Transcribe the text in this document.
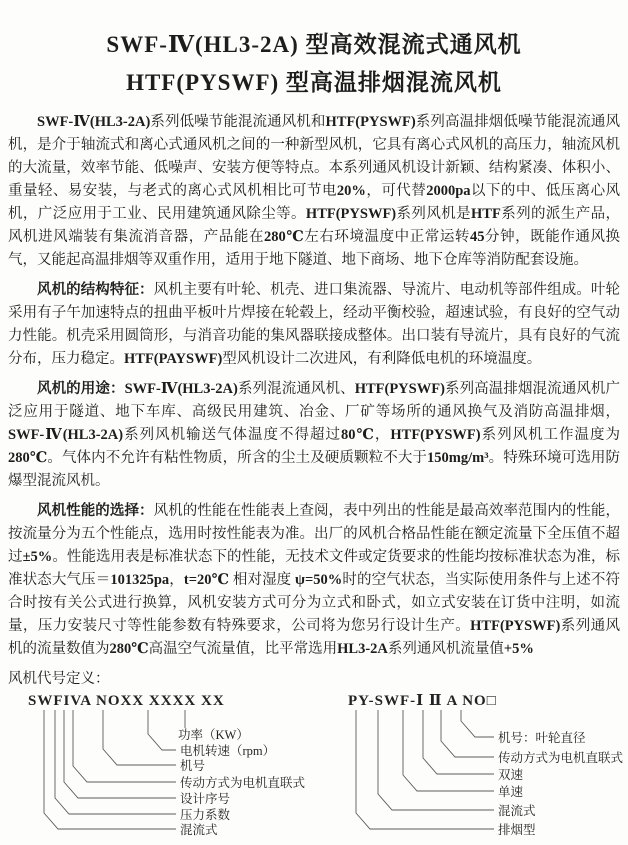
SWF-Ⅳ(HL3-2A) 型高效混流式通风机
HTF(PYSWF) 型高温排烟混流风机

SWF-Ⅳ(HL3-2A)系列低噪节能混流通风机和HTF(PYSWF)系列高温排烟低噪节能混流通风机，是介于轴流式和离心式通风机之间的一种新型风机，它具有离心式风机的高压力，轴流风机的大流量，效率节能、低噪声、安装方便等特点。本系列通风机设计新颖、结构紧凑、体积小、重量轻、易安装，与老式的离心式风机相比可节电20%，可代替2000pa以下的中、低压离心风机，广泛应用于工业、民用建筑通风除尘等。HTF(PYSWF)系列风机是HTF系列的派生产品，风机进风端装有集流消音器，产品能在280℃左右环境温度中正常运转45分钟，既能作通风换气，又能起高温排烟等双重作用，适用于地下隧道、地下商场、地下仓库等消防配套设施。

风机的结构特征：风机主要有叶轮、机壳、进口集流器、导流片、电动机等部件组成。叶轮采用有子午加速特点的扭曲平板叶片焊接在轮毂上，经动平衡校验，超速试验，有良好的空气动力性能。机壳采用圆筒形，与消音功能的集风器联接成整体。出口装有导流片，具有良好的气流分布，压力稳定。HTF(PAYSWF)型风机设计二次进风，有利降低电机的环境温度。

风机的用途：SWF-Ⅳ(HL3-2A)系列混流通风机、HTF(PYSWF)系列高温排烟混流通风机广泛应用于隧道、地下车库、高级民用建筑、冶金、厂矿等场所的通风换气及消防高温排烟，SWF-Ⅳ(HL3-2A)系列风机输送气体温度不得超过80℃，HTF(PYSWF)系列风机工作温度为280℃。气体内不允许有粘性物质，所含的尘土及硬质颗粒不大于150mg/m³。特殊环境可选用防爆型混流风机。

风机性能的选择：风机的性能在性能表上查阅，表中列出的性能是最高效率范围内的性能，按流量分为五个性能点，选用时按性能表为准。出厂的风机合格品性能在额定流量下全压值不超过±5%。性能选用表是标准状态下的性能，无技术文件或定货要求的性能均按标准状态为准，标准状态大气压＝101325pa，t=20℃ 相对湿度 ψ=50%时的空气状态，当实际使用条件与上述不符合时按有关公式进行换算，风机安装方式可分为立式和卧式，如立式安装在订货中注明，如流量，压力安装尺寸等性能参数有特殊要求，公司将为您另行设计生产。HTF(PYSWF)系列通风机的流量数值为280℃高温空气流量值，比平常选用HL3-2A系列通风机流量值+5%

风机代号定义：

SWFIVA NOXX XXXX XX
功率（KW）
电机转速（rpm）
机号
传动方式为电机直联式
设计序号
压力系数
混流式
PY-SWF-Ⅰ Ⅱ A NO□
机号：叶轮直径
传动方式为电机直联式
双速
单速
混流式
排烟型
